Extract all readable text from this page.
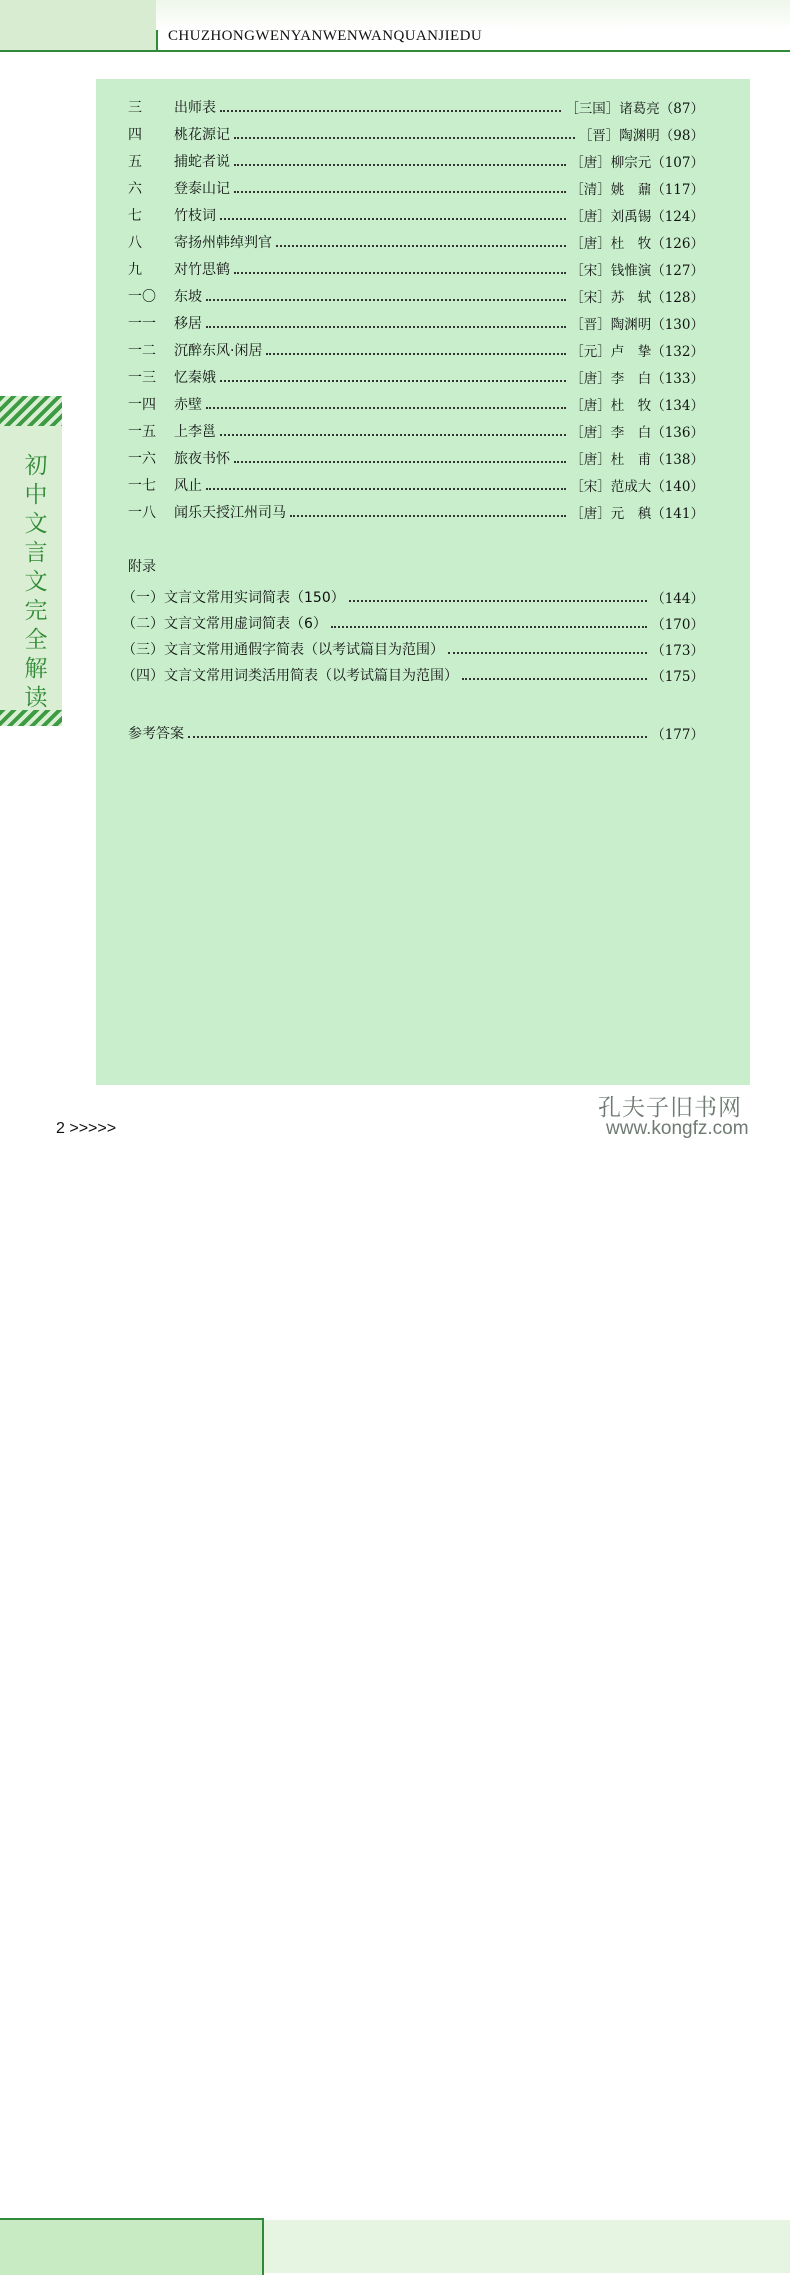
CHUZHONGWENYANWENWANQUANJIEDU
初中文言文完全解读
三	出师表	［三国］诸葛亮（87）
四	桃花源记	［晋］陶渊明（98）
五	捕蛇者说	［唐］柳宗元（107）
六	登泰山记	［清］姚　鼐（117）
七	竹枝词	［唐］刘禹锡（124）
八	寄扬州韩绰判官	［唐］杜　牧（126）
九	对竹思鹤	［宋］钱惟演（127）
一〇	东坡	［宋］苏　轼（128）
一一	移居	［晋］陶渊明（130）
一二	沉醉东风·闲居	［元］卢　挚（132）
一三	忆秦娥	［唐］李　白（133）
一四	赤壁	［唐］杜　牧（134）
一五	上李邕	［唐］李　白（136）
一六	旅夜书怀	［唐］杜　甫（138）
一七	风止	［宋］范成大（140）
一八	闻乐天授江州司马	［唐］元　稹（141）
附录
（一）文言文常用实词简表（150）	（144）
（二）文言文常用虚词简表（6）	（170）
（三）文言文常用通假字简表（以考试篇目为范围）	（173）
（四）文言文常用词类活用简表（以考试篇目为范围）	（175）
参考答案	（177）
2 >>>>>
孔夫子旧书网
www.kongfz.com
